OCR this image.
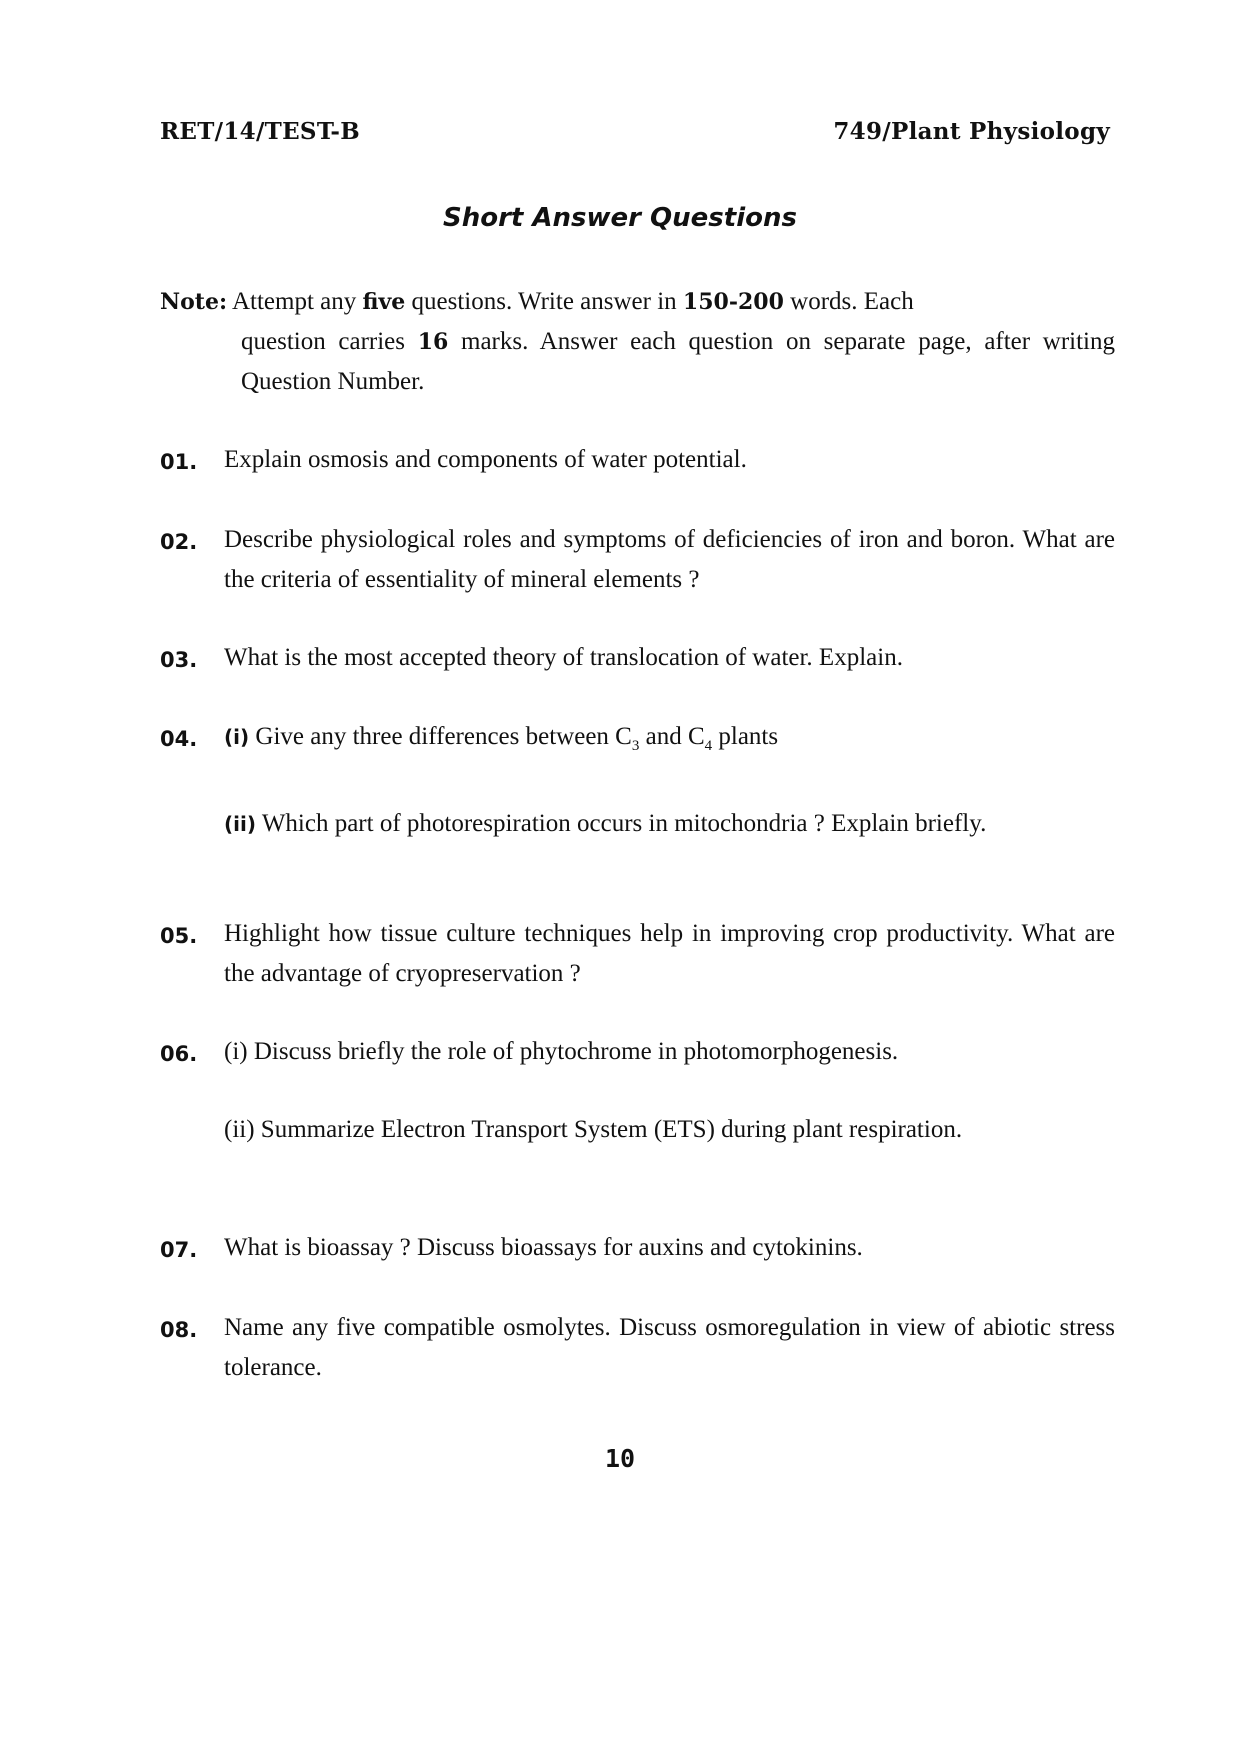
RET/14/TEST-B	749/Plant Physiology
Short Answer Questions
Note: Attempt any five questions. Write answer in 150-200 words. Each
question carries 16 marks. Answer each question on separate page, after writing Question Number.
01. Explain osmosis and components of water potential.
02. Describe physiological roles and symptoms of deficiencies of iron and boron. What are the criteria of essentiality of mineral elements ?
03. What is the most accepted theory of translocation of water. Explain.
04. (i) Give any three differences between $C_3$ and $C_4$ plants
(ii) Which part of photorespiration occurs in mitochondria ? Explain briefly.
05. Highlight how tissue culture techniques help in improving crop productivity. What are the advantage of cryopreservation ?
06. (i) Discuss briefly the role of phytochrome in photomorphogenesis.
(ii) Summarize Electron Transport System (ETS) during plant respiration.
07. What is bioassay ? Discuss bioassays for auxins and cytokinins.
08. Name any five compatible osmolytes. Discuss osmoregulation in view of abiotic stress tolerance.
10
